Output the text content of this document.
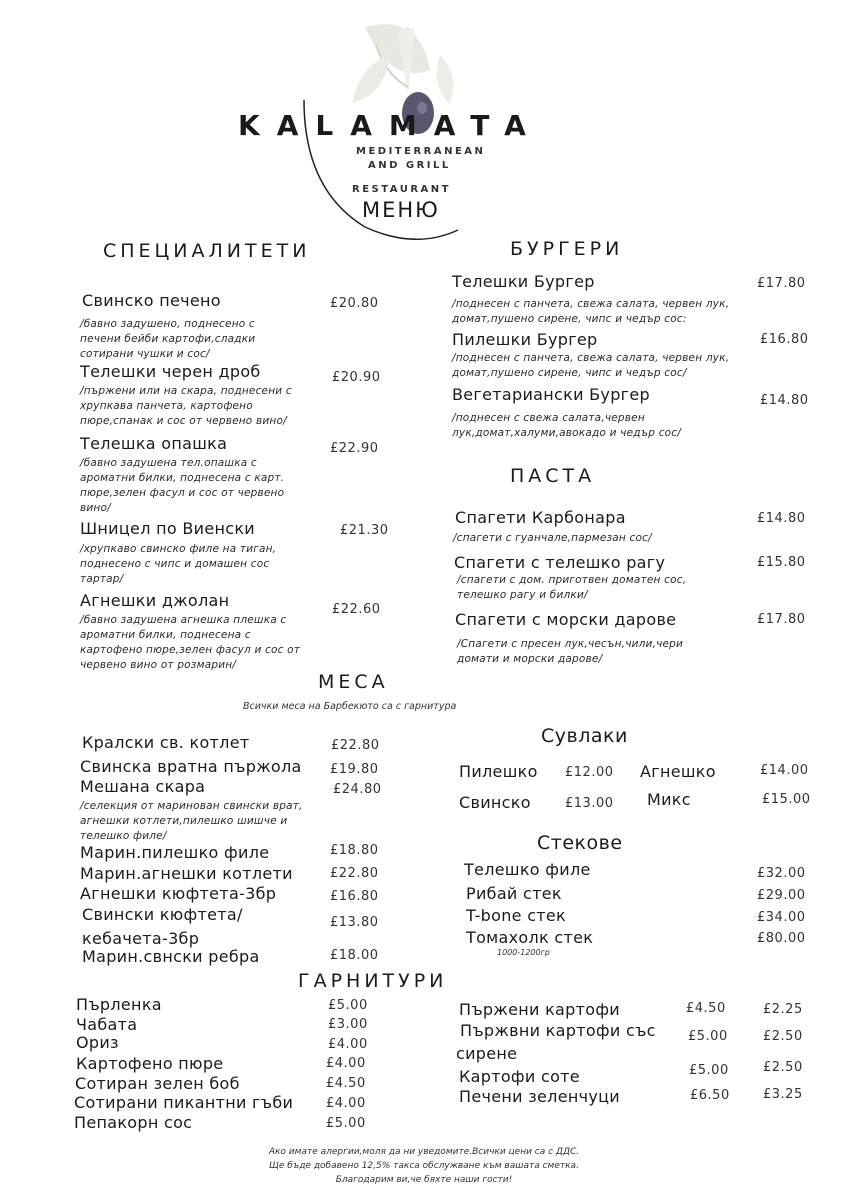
KALAMATA
MEDITERRANEAN
AND GRILL
RESTAURANT
МЕНЮ
СПЕЦИАЛИТЕТИ
Свинско печено	£20.80
/бавно задушено, поднесено с печени бейби картофи,сладки сотирани чушки и сос/
Телешки черен дроб	£20.90
/пържени или на скара, поднесени с хрупкава панчета, картофено пюре,спанак и сос от червено вино/
Телешка опашка	£22.90
/бавно задушена тел.опашка с ароматни билки, поднесена с карт. пюре,зелен фасул и сос от червено вино/
Шницел по Виенски	£21.30
/хрупкаво свинско филе на тиган, поднесено с чипс и домашен сос тартар/
Агнешки джолан	£22.60
/бавно задушена агнешка плешка с ароматни билки, поднесена с картофено пюре,зелен фасул и сос от червено вино от розмарин/
БУРГЕРИ
Телешки Бургер	£17.80
/поднесен с панчета, свежа салата, червен лук, домат,пушено сирене, чипс и чедър сос:
Пилешки Бургер	£16.80
/поднесен с панчета, свежа салата, червен лук, домат,пушено сирене, чипс и чедър сос/
Вегетариански Бургер	£14.80
/поднесен с свежа салата,червен лук,домат,халуми,авокадо и чедър сос/
ПАСТА
Спагети Карбонара	£14.80
/спагети с гуанчале,пармезан сос/
Спагети с телешко рагу	£15.80
/спагети с дом. приготвен доматен сос, телешко рагу и билки/
Спагети с морски дарове	£17.80
/Спагети с пресен лук,чесън,чили,чери домати и морски дарове/
МЕСА
Всички меса на Барбекюто са с гарнитура
Кралски св. котлет	£22.80
Свинска вратна пържола £19.80
Мешана скара	£24.80
/селекция от мариновaн свински врат, агнешки котлети,пилешко шишче и телешко филе/
Марин.пилешко филе	£18.80
Марин.агнешки котлети	£22.80
Агнешки кюфтета-3бр	£16.80
Свински кюфтета/
кебачета-3бр
£13.80
Марин.свнски ребра	£18.00
Сувлаки
Пилешко £12.00 Агнешко	£14.00
Свинско	£13.00 Микс	£15.00
Стекове
Телешко филе	£32.00
Рибай стек	£29.00
T-bone стек	£34.00
Томахолк стек	£80.00
1000-1200гр
ГАРНИТУРИ
Пърленка	£5.00
Чабата	£3.00
Ориз	£4.00
Картофено пюре	£4.00
Сотиран зелен боб	£4.50
Сотирани пикантни гъби	£4.00
Пепакорн сос	£5.00
Пържени картофи	£4.50	£2.25
Пържвни картофи със
сирене
£5.00	£2.50
Картофи соте	£5.00	£2.50
Печени зеленчуци	£6.50	£3.25
Ако имате алергии,моля да ни уведомите.Всички цени са с ДДС.
Ще бъде добавено 12,5% такса обслужване към вашата сметка.
Благодарим ви,че бяхте наши гости!
